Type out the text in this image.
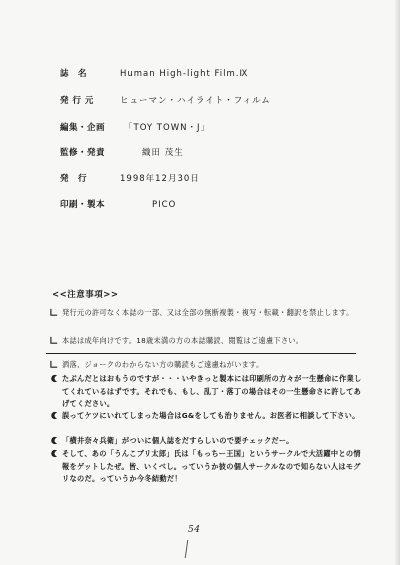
誌　名	Human High-light Film.Ⅸ
発 行 元	ヒューマン・ハイライト・フィルム
編集・企画 「TOY TOWN・J」
監修・発責	織田 茂生
発　行	1998年12月30日
印刷・製本	PICO
<<注意事項>>
発行元の許可なく本誌の一部、又は全部の無断複製・複写・転載・翻訳を禁止します。
本誌は成年向けです。18歳未満の方の本誌購読、閲覧はご遠慮下さい。
洒落、ジョークのわからない方の購読もご遠慮ねがいます。
たぶんだとはおもうのですが・・・いやきっと製本には印刷所の方々が一生懸命に作業してくれているはずです。それでも、もし、乱丁・落丁の場合はその一生懸命さに許してあげてください。
誤ってケツにいれてしまった場合はG&をしても治りません。お医者に相談して下さい。
「横井奈々兵衛」がついに個人誌をだすらしいので要チェックだー。
そして、あの「うんこブリ太郎」氏は「もっちー王国」というサークルで大活躍中との情報をゲットしたぜ。皆、いくべし。っていうか彼の個人サークルなので知らない人はモグリなのだ。っていうか今冬結動だ！
54
